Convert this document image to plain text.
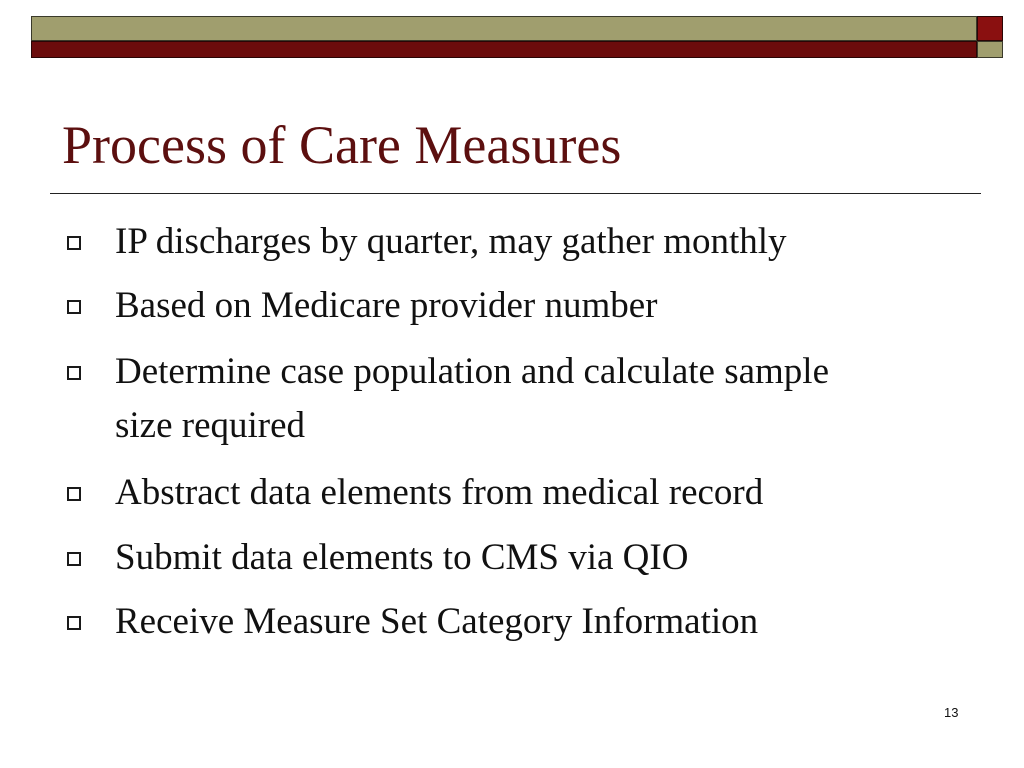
Process of Care Measures
IP discharges by quarter, may gather monthly
Based on Medicare provider number
Determine case population and calculate sample size required
Abstract data elements from medical record
Submit data elements to CMS via QIO
Receive Measure Set Category Information
13
